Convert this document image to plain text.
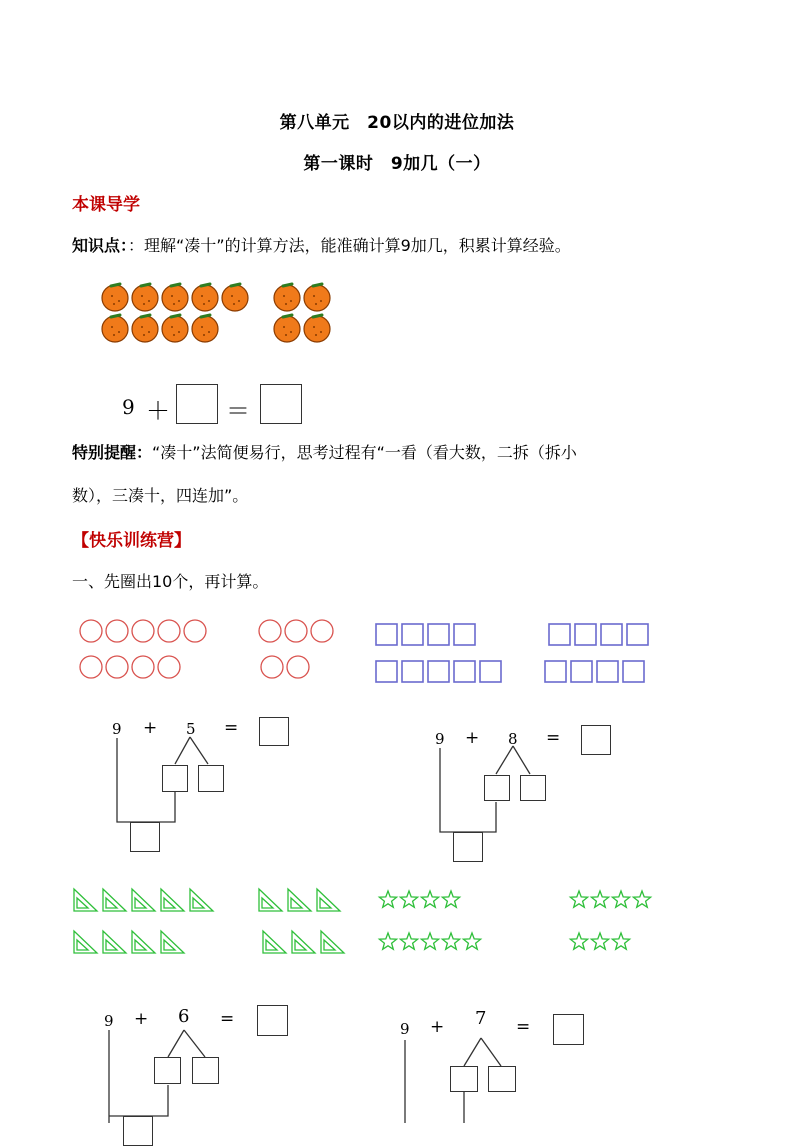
第八单元　20以内的进位加法
第一课时　9加几（一）
本课导学
知识点：：理解“凑十”的计算方法，能准确计算9加几，积累计算经验。
9 ＋ ＝
特别提醒：“凑十”法简便易行，思考过程有“一看（看大数，二拆（拆小
数），三凑十，四连加”。
【快乐训练营】
一、先圈出10个，再计算。
9 + 5 =
9 + 8 =
9 + 6 =	9 + 7 =
